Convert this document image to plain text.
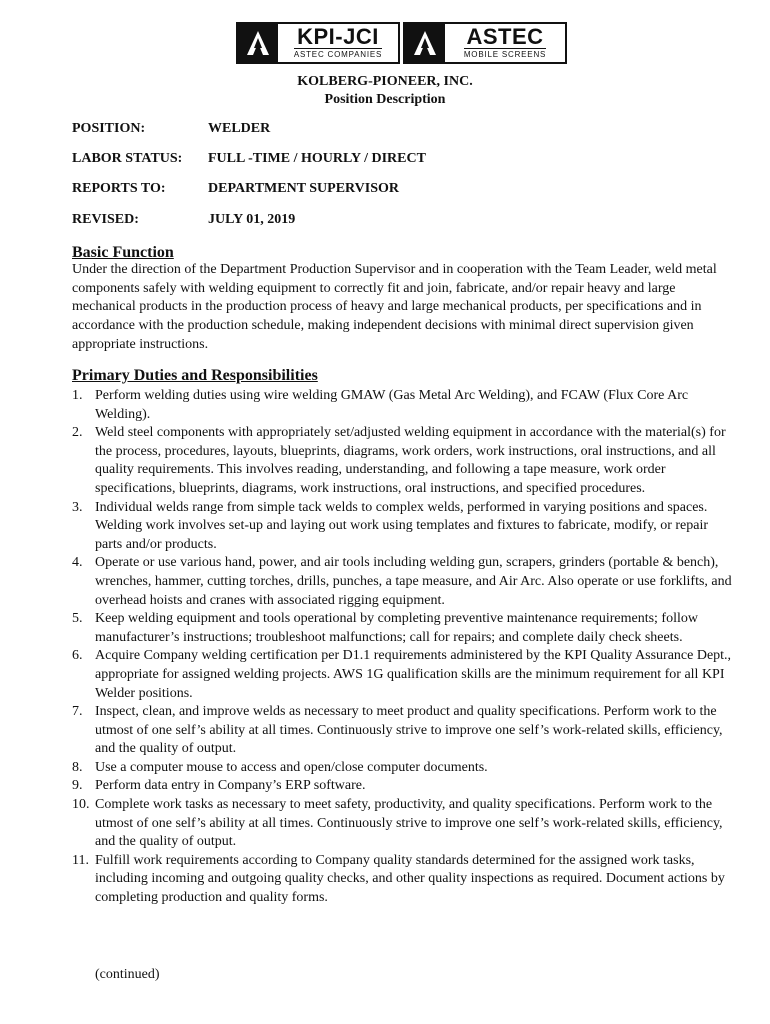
KPI-JCI
ASTEC COMPANIES
ASTEC
MOBILE SCREENS
KOLBERG-PIONEER, INC.
Position Description
POSITION:	WELDER
LABOR STATUS:	FULL -TIME / HOURLY / DIRECT
REPORTS TO:	DEPARTMENT SUPERVISOR
REVISED:	JULY 01, 2019
Basic Function
Under the direction of the Department Production Supervisor and in cooperation with the Team Leader, weld metal components safely with welding equipment to correctly fit and join, fabricate, and/or repair heavy and large mechanical products in the production process of heavy and large mechanical products, per specifications and in accordance with the production schedule, making independent decisions with minimal direct supervision given appropriate instructions.
Primary Duties and Responsibilities
1. Perform welding duties using wire welding GMAW (Gas Metal Arc Welding), and FCAW (Flux Core Arc Welding).
2. Weld steel components with appropriately set/adjusted welding equipment in accordance with the material(s) for the process, procedures, layouts, blueprints, diagrams, work orders, work instructions, oral instructions, and all quality requirements. This involves reading, understanding, and following a tape measure, work order specifications, blueprints, diagrams, work instructions, oral instructions, and specified procedures.
3. Individual welds range from simple tack welds to complex welds, performed in varying positions and spaces. Welding work involves set-up and laying out work using templates and fixtures to fabricate, modify, or repair parts and/or products.
4. Operate or use various hand, power, and air tools including welding gun, scrapers, grinders (portable & bench), wrenches, hammer, cutting torches, drills, punches, a tape measure, and Air Arc. Also operate or use forklifts, and overhead hoists and cranes with associated rigging equipment.
5. Keep welding equipment and tools operational by completing preventive maintenance requirements; follow manufacturer’s instructions; troubleshoot malfunctions; call for repairs; and complete daily check sheets.
6. Acquire Company welding certification per D1.1 requirements administered by the KPI Quality Assurance Dept., appropriate for assigned welding projects. AWS 1G qualification skills are the minimum requirement for all KPI Welder positions.
7. Inspect, clean, and improve welds as necessary to meet product and quality specifications. Perform work to the utmost of one self’s ability at all times. Continuously strive to improve one self’s work-related skills, efficiency, and the quality of output.
8. Use a computer mouse to access and open/close computer documents.
9. Perform data entry in Company’s ERP software.
10. Complete work tasks as necessary to meet safety, productivity, and quality specifications. Perform work to the utmost of one self’s ability at all times. Continuously strive to improve one self’s work-related skills, efficiency, and the quality of output.
11. Fulfill work requirements according to Company quality standards determined for the assigned work tasks, including incoming and outgoing quality checks, and other quality inspections as required. Document actions by completing production and quality forms.
(continued)
